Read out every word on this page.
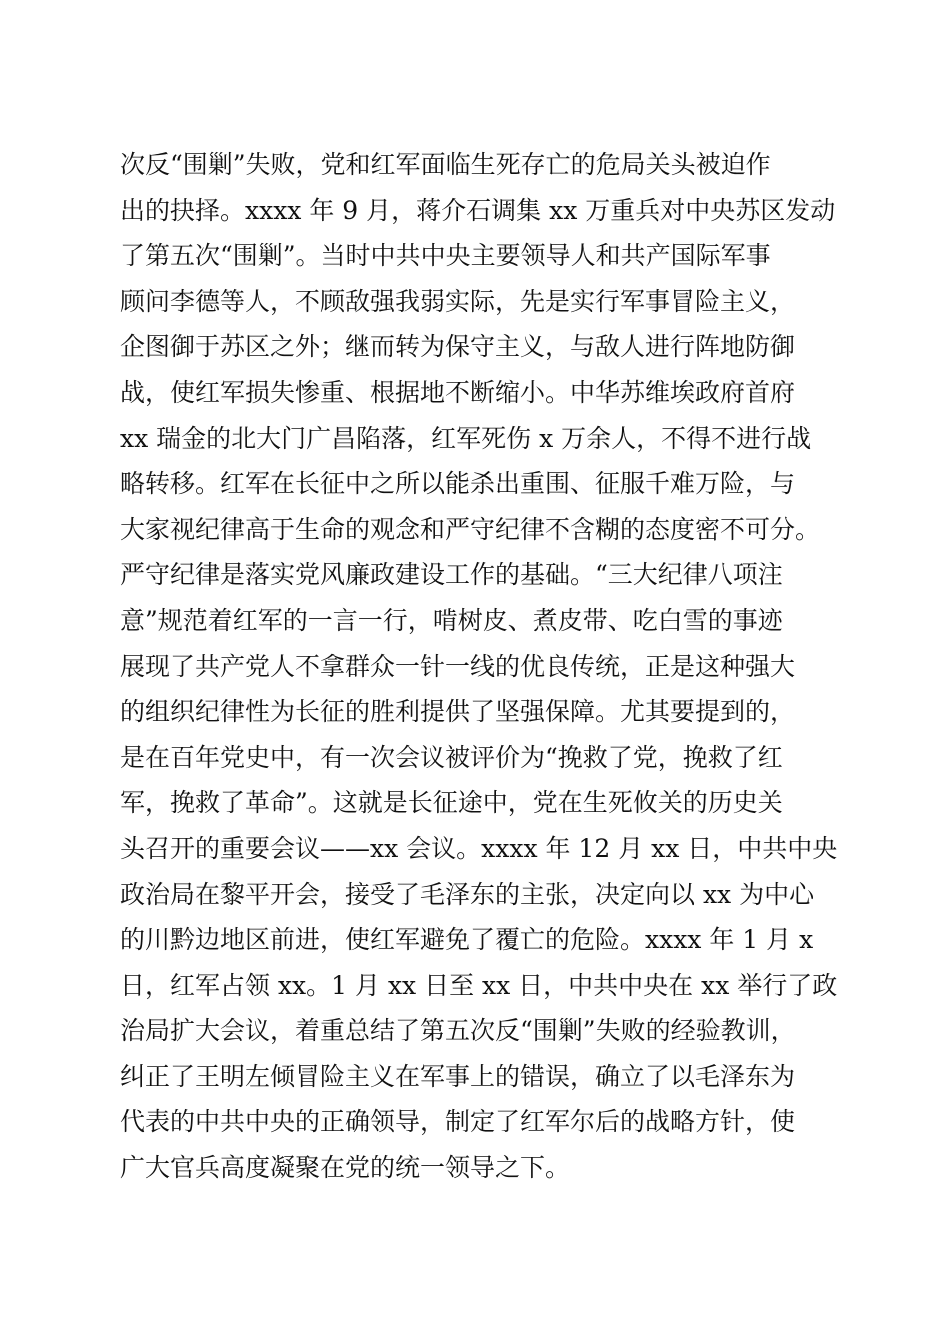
次反“围剿”失败，党和红军面临生死存亡的危局关头被迫作
出的抉择。xxxx 年 9 月，蒋介石调集 xx 万重兵对中央苏区发动
了第五次“围剿”。当时中共中央主要领导人和共产国际军事
顾问李德等人，不顾敌强我弱实际，先是实行军事冒险主义，
企图御于苏区之外；继而转为保守主义，与敌人进行阵地防御
战，使红军损失惨重、根据地不断缩小。中华苏维埃政府首府
xx 瑞金的北大门广昌陷落，红军死伤 x 万余人，不得不进行战
略转移。红军在长征中之所以能杀出重围、征服千难万险，与
大家视纪律高于生命的观念和严守纪律不含糊的态度密不可分。
严守纪律是落实党风廉政建设工作的基础。“三大纪律八项注
意”规范着红军的一言一行，啃树皮、煮皮带、吃白雪的事迹
展现了共产党人不拿群众一针一线的优良传统，正是这种强大
的组织纪律性为长征的胜利提供了坚强保障。尤其要提到的，
是在百年党史中，有一次会议被评价为“挽救了党，挽救了红
军，挽救了革命”。这就是长征途中，党在生死攸关的历史关
头召开的重要会议——xx 会议。xxxx 年 12 月 xx 日，中共中央
政治局在黎平开会，接受了毛泽东的主张，决定向以 xx 为中心
的川黔边地区前进，使红军避免了覆亡的危险。xxxx 年 1 月 x
日，红军占领 xx。1 月 xx 日至 xx 日，中共中央在 xx 举行了政
治局扩大会议，着重总结了第五次反“围剿”失败的经验教训，
纠正了王明左倾冒险主义在军事上的错误，确立了以毛泽东为
代表的中共中央的正确领导，制定了红军尔后的战略方针，使
广大官兵高度凝聚在党的统一领导之下。
